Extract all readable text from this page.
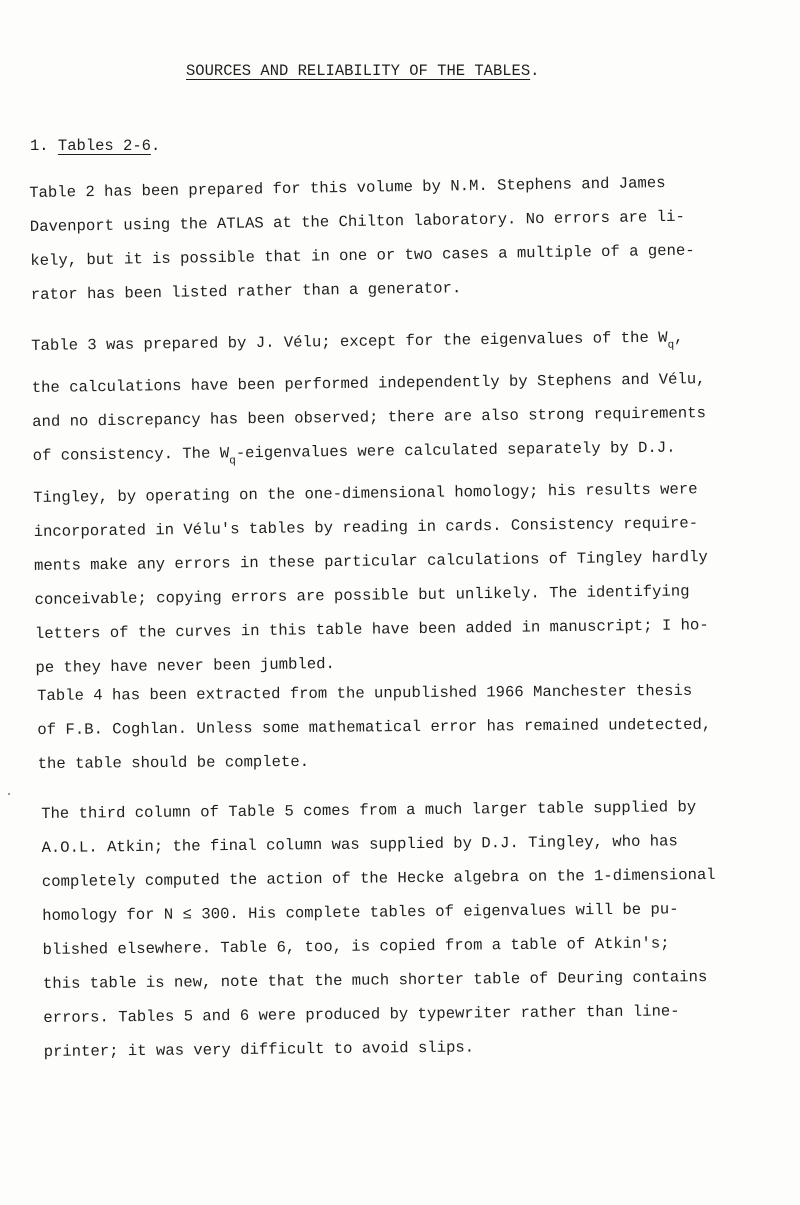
SOURCES AND RELIABILITY OF THE TABLES.
1. Tables 2-6.
Table 2 has been prepared for this volume by N.M. Stephens and James
Davenport using the ATLAS at the Chilton laboratory. No errors are li-
kely, but it is possible that in one or two cases a multiple of a gene-
rator has been listed rather than a generator.
Table 3 was prepared by J. Vélu; except for the eigenvalues of the $W_q$,
the calculations have been performed independently by Stephens and Vélu,
and no discrepancy has been observed; there are also strong requirements
of consistency. The $W_q$-eigenvalues were calculated separately by D.J.
Tingley, by operating on the one-dimensional homology; his results were
incorporated in Vélu's tables by reading in cards. Consistency require-
ments make any errors in these particular calculations of Tingley hardly
conceivable; copying errors are possible but unlikely. The identifying
letters of the curves in this table have been added in manuscript; I ho-
pe they have never been jumbled.
Table 4 has been extracted from the unpublished 1966 Manchester thesis
of F.B. Coghlan. Unless some mathematical error has remained undetected,
the table should be complete.
The third column of Table 5 comes from a much larger table supplied by
A.O.L. Atkin; the final column was supplied by D.J. Tingley, who has
completely computed the action of the Hecke algebra on the 1-dimensional
homology for N ≤ 300. His complete tables of eigenvalues will be pu-
blished elsewhere. Table 6, too, is copied from a table of Atkin's;
this table is new, note that the much shorter table of Deuring contains
errors. Tables 5 and 6 were produced by typewriter rather than line-
printer; it was very difficult to avoid slips.
